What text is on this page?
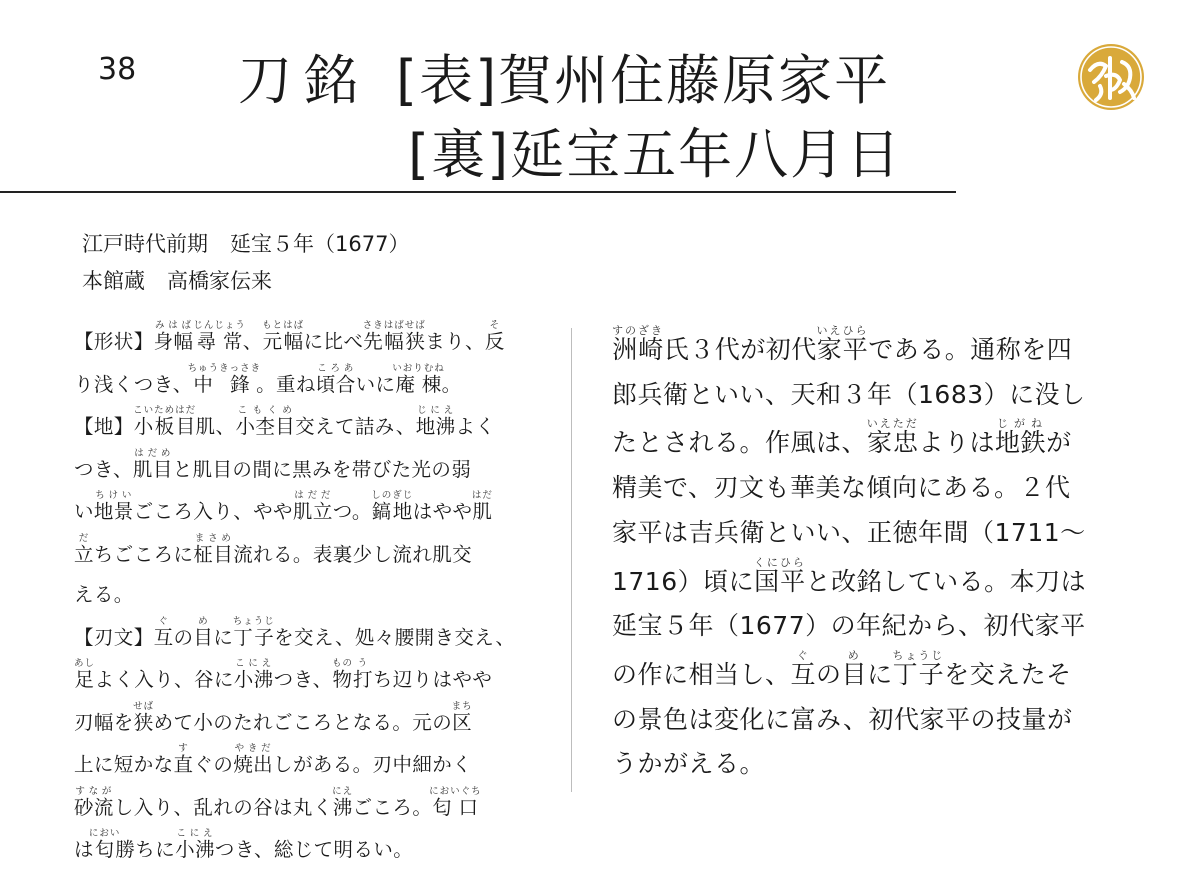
38 刀 銘 [表]賀州住藤原家平
[裏]延宝五年八月日
江戸時代前期 延宝５年（1677）
本館蔵 高橋家伝来

【形状】身幅みはば尋常じんじょう、元幅もとはばに比べ先幅さきはば狭せばまり、反そ

り浅くつき、中ちゅう鋒きっさき。重ね頃合ころあいに庵棟いおりむね。

【地】小板目こいためはだ肌、小杢目こもくめ交えて詰み、地沸じにえよく

つき、肌目はだめと肌目の間に黒みを帯びた光の弱

い地景ちけいごころ入り、やや肌立はだだつ。鎬地しのぎじはやや肌はだ

立だちごころに柾目まさめ流れる。表裏少し流れ肌交

える。

【刃文】互ぐの目めに丁子ちょうじを交え、処々腰開き交え、

足あしよく入り、谷に小沸こにえつき、物もの打うち辺りはやや

刃幅を狭せばめて小のたれごころとなる。元の区まち

上に短かな直すぐの焼出やきだしがある。刃中細かく

砂流すながし入り、乱れの谷は丸く沸にえごころ。匂口においぐち

は匂におい勝ちに小沸こにえつき、総じて明るい。

洲崎すのざき氏３代が初代家平いえひらである。通称を四

郎兵衛といい、天和３年（1683）に没し

たとされる。作風は、家忠いえただよりは地鉄じがねが

精美で、刃文も華美な傾向にある。２代

家平は吉兵衛といい、正徳年間（1711～

1716）頃に国平くにひらと改銘している。本刀は

延宝５年（1677）の年紀から、初代家平

の作に相当し、互ぐの目めに丁子ちょうじを交えたそ

の景色は変化に富み、初代家平の技量が

うかがえる。
